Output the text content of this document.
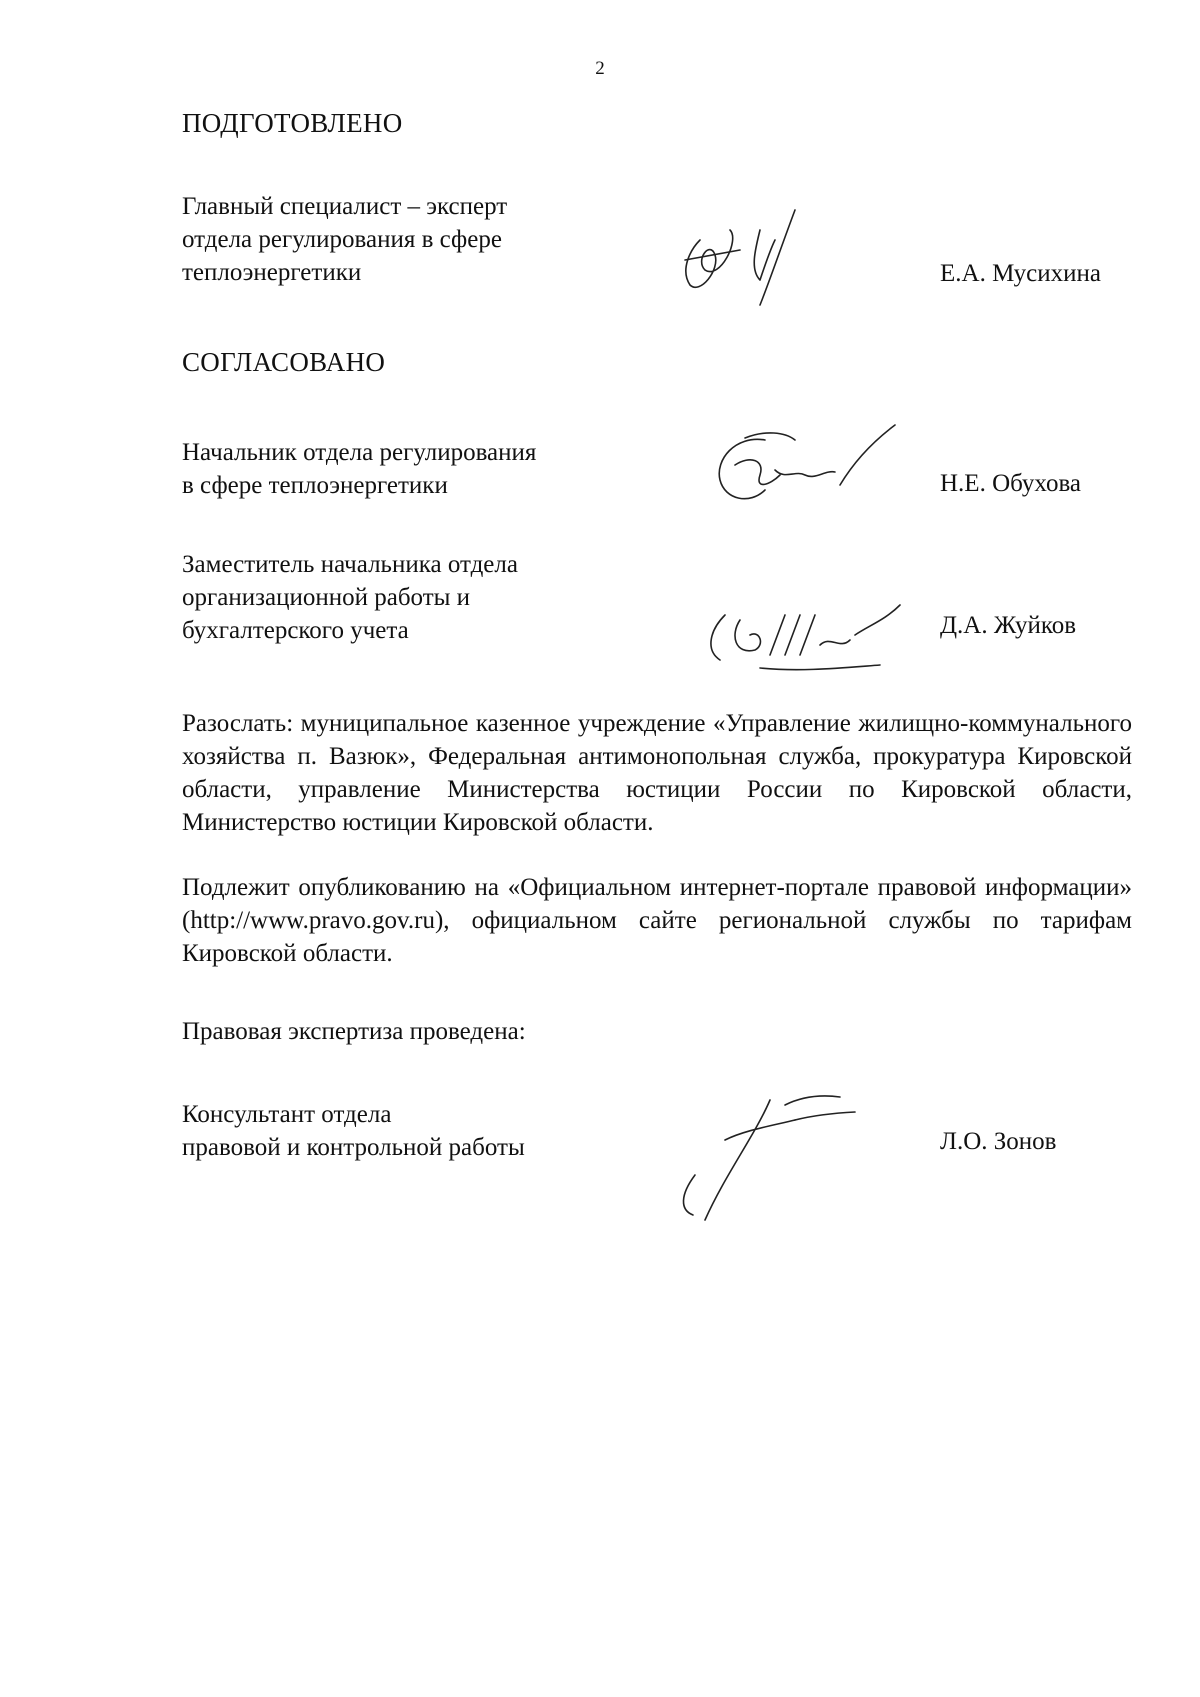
2
ПОДГОТОВЛЕНО
Главный специалист – эксперт
отдела регулирования в сфере
теплоэнергетики	Е.А. Мусихина
СОГЛАСОВАНО
Начальник отдела регулирования
в сфере теплоэнергетики	Н.Е. Обухова
Заместитель начальника отдела
организационной работы и
бухгалтерского учета	Д.А. Жуйков
Разослать: муниципальное казенное учреждение «Управление жилищно-коммунального хозяйства п. Вазюк», Федеральная антимонопольная служба, прокуратура Кировской области, управление Министерства юстиции России по Кировской области, Министерство юстиции Кировской области.
Подлежит опубликованию на «Официальном интернет-портале правовой информации» (http://www.pravo.gov.ru), официальном сайте региональной службы по тарифам Кировской области.
Правовая экспертиза проведена:
Консультант отдела
правовой и контрольной работы	Л.О. Зонов
